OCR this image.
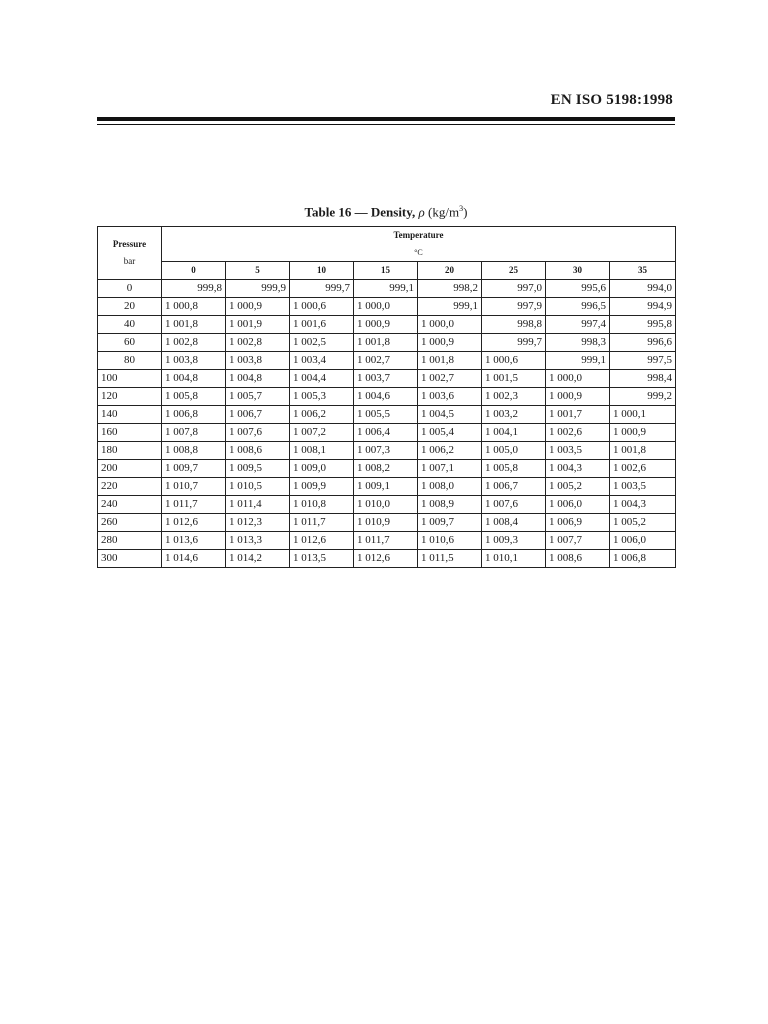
EN ISO 5198:1998
Table 16 — Density, ρ $(kg/m^3)$
Pressure
bar	Temperature
°C							

	0	5	10	15	20	25	30	35
0	999,8	999,9	999,7	999,1	998,2	997,0	995,6	994,0
20	1 000,8	1 000,9	1 000,6	1 000,0	999,1	997,9	996,5	994,9
40	1 001,8	1 001,9	1 001,6	1 000,9	1 000,0	998,8	997,4	995,8
60	1 002,8	1 002,8	1 002,5	1 001,8	1 000,9	999,7	998,3	996,6
80	1 003,8	1 003,8	1 003,4	1 002,7	1 001,8	1 000,6	999,1	997,5
100	1 004,8	1 004,8	1 004,4	1 003,7	1 002,7	1 001,5	1 000,0	998,4
120	1 005,8	1 005,7	1 005,3	1 004,6	1 003,6	1 002,3	1 000,9	999,2
140	1 006,8	1 006,7	1 006,2	1 005,5	1 004,5	1 003,2	1 001,7	1 000,1
160	1 007,8	1 007,6	1 007,2	1 006,4	1 005,4	1 004,1	1 002,6	1 000,9
180	1 008,8	1 008,6	1 008,1	1 007,3	1 006,2	1 005,0	1 003,5	1 001,8
200	1 009,7	1 009,5	1 009,0	1 008,2	1 007,1	1 005,8	1 004,3	1 002,6
220	1 010,7	1 010,5	1 009,9	1 009,1	1 008,0	1 006,7	1 005,2	1 003,5
240	1 011,7	1 011,4	1 010,8	1 010,0	1 008,9	1 007,6	1 006,0	1 004,3
260	1 012,6	1 012,3	1 011,7	1 010,9	1 009,7	1 008,4	1 006,9	1 005,2
280	1 013,6	1 013,3	1 012,6	1 011,7	1 010,6	1 009,3	1 007,7	1 006,0
300	1 014,6	1 014,2	1 013,5	1 012,6	1 011,5	1 010,1	1 008,6	1 006,8
